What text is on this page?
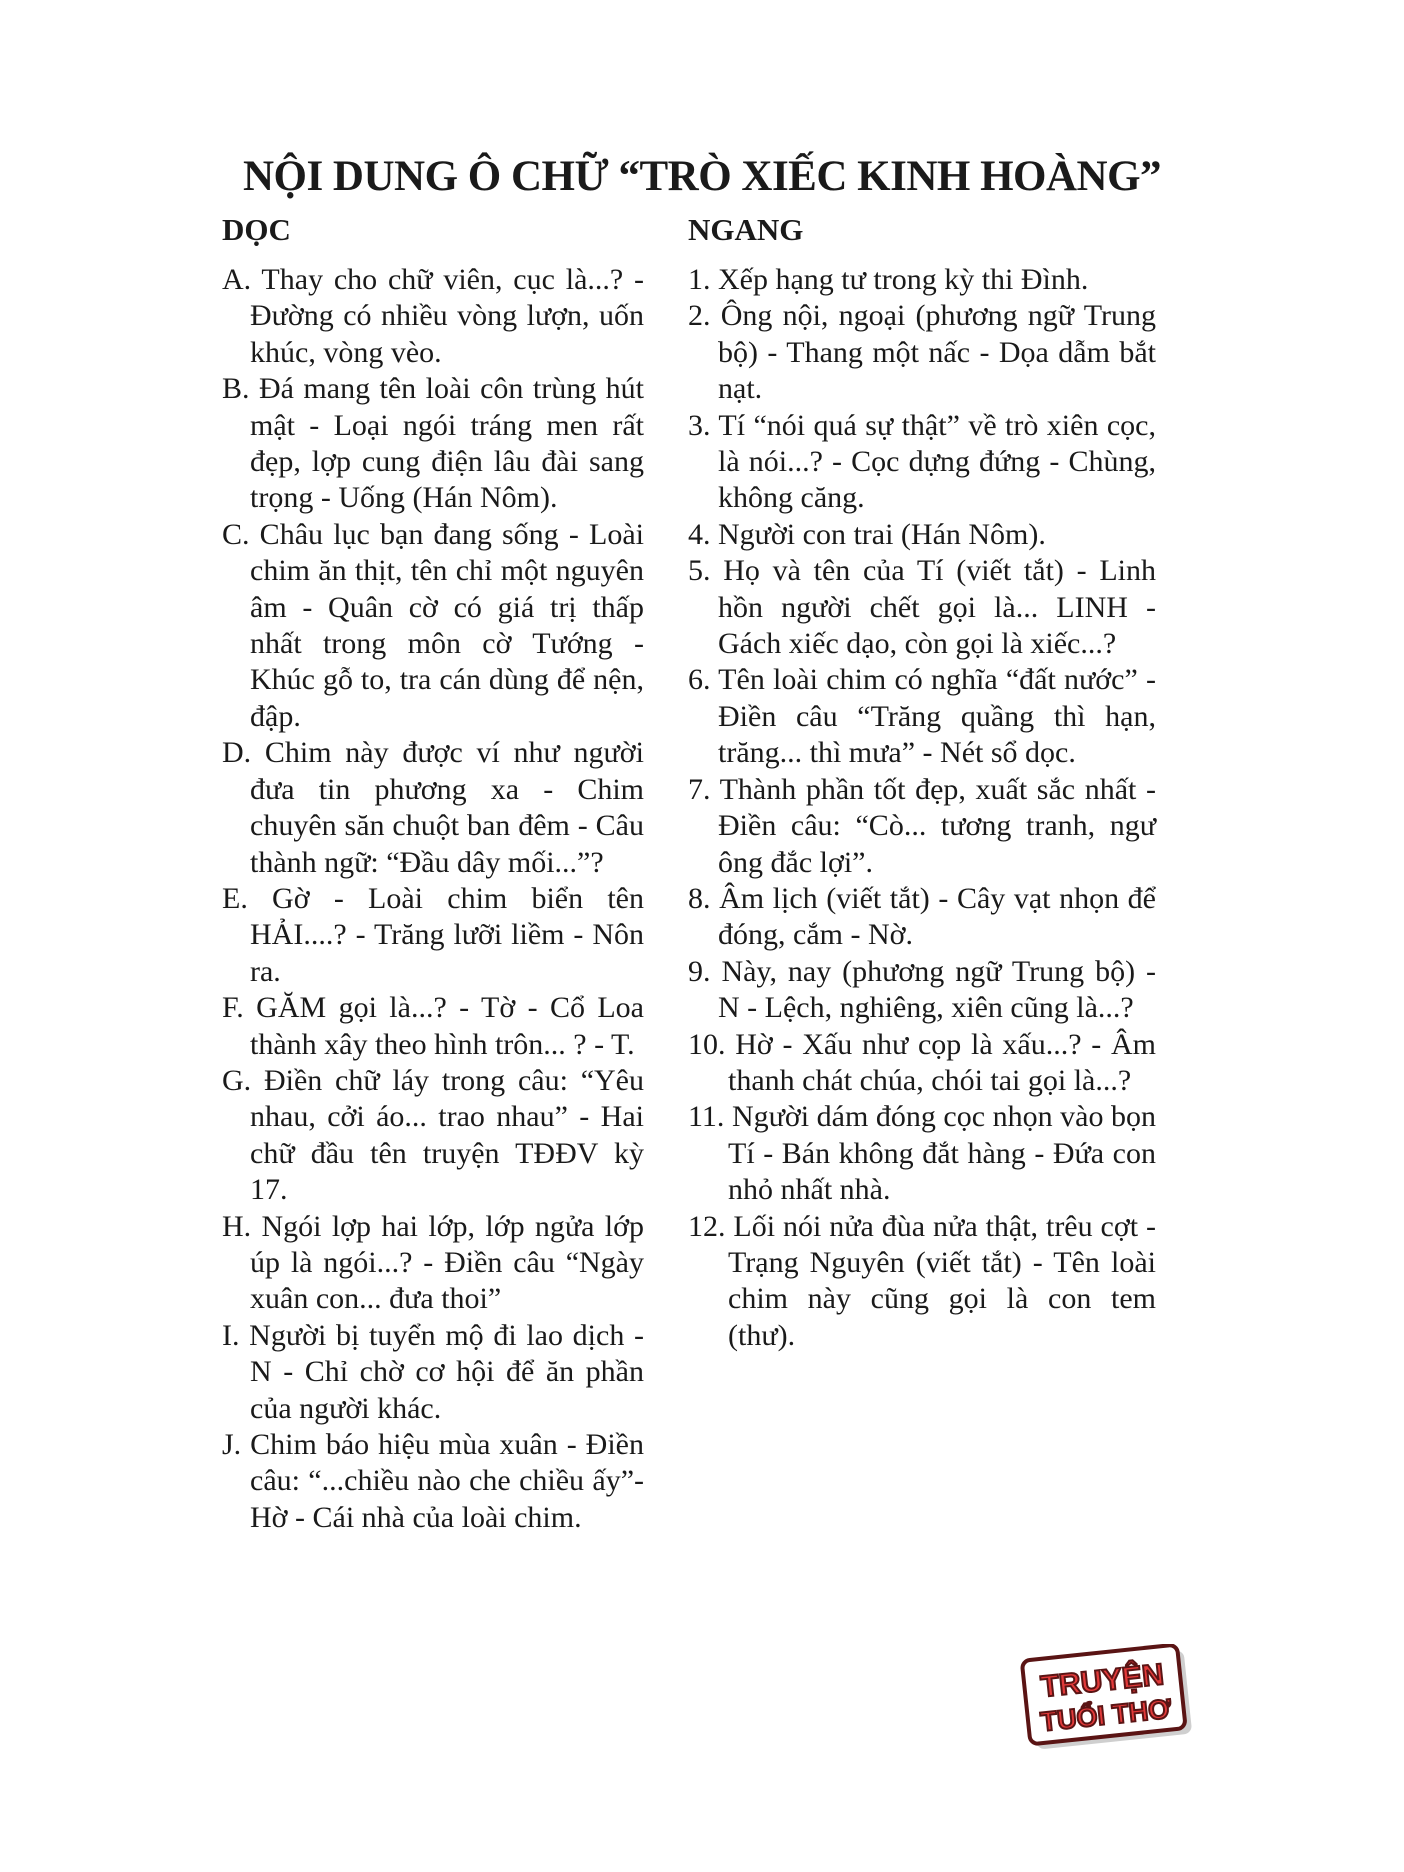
NỘI DUNG Ô CHỮ “TRÒ XIẾC KINH HOÀNG”
DỌC
A. Thay cho chữ viên, cục là...? - Đường có nhiều vòng lượn, uốn khúc, vòng vèo.
B. Đá mang tên loài côn trùng hút mật - Loại ngói tráng men rất đẹp, lợp cung điện lâu đài sang trọng - Uống (Hán Nôm).
C. Châu lục bạn đang sống - Loài chim ăn thịt, tên chỉ một nguyên âm - Quân cờ có giá trị thấp nhất trong môn cờ Tướng - Khúc gỗ to, tra cán dùng để nện, đập.
D. Chim này được ví như người đưa tin phương xa - Chim chuyên săn chuột ban đêm - Câu thành ngữ: “Đầu dây mối...”?
E. Gờ - Loài chim biển tên HẢI....? - Trăng lưỡi liềm - Nôn ra.
F. GĂM gọi là...? - Tờ - Cổ Loa thành xây theo hình trôn... ? - T.
G. Điền chữ láy trong câu: “Yêu nhau, cởi áo... trao nhau” - Hai chữ đầu tên truyện TĐĐV kỳ 17.
H. Ngói lợp hai lớp, lớp ngửa lớp úp là ngói...? - Điền câu “Ngày xuân con... đưa thoi”
I. Người bị tuyển mộ đi lao dịch - N - Chỉ chờ cơ hội để ăn phần của người khác.
J. Chim báo hiệu mùa xuân - Điền câu: “...chiều nào che chiều ấy”- Hờ - Cái nhà của loài chim.
NGANG
1. Xếp hạng tư trong kỳ thi Đình.
2. Ông nội, ngoại (phương ngữ Trung bộ) - Thang một nấc - Dọa dẫm bắt nạt.
3. Tí “nói quá sự thật” về trò xiên cọc, là nói...? - Cọc dựng đứng - Chùng, không căng.
4. Người con trai (Hán Nôm).
5. Họ và tên của Tí (viết tắt) - Linh hồn người chết gọi là... LINH - Gách xiếc dạo, còn gọi là xiếc...?
6. Tên loài chim có nghĩa “đất nước” - Điền câu “Trăng quầng thì hạn, trăng... thì mưa” - Nét sổ dọc.
7. Thành phần tốt đẹp, xuất sắc nhất - Điền câu: “Cò... tương tranh, ngư ông đắc lợi”.
8. Âm lịch (viết tắt) - Cây vạt nhọn để đóng, cắm - Nờ.
9. Này, nay (phương ngữ Trung bộ) - N - Lệch, nghiêng, xiên cũng là...?
10. Hờ - Xấu như cọp là xấu...? - Âm thanh chát chúa, chói tai gọi là...?
11. Người dám đóng cọc nhọn vào bọn Tí - Bán không đắt hàng - Đứa con nhỏ nhất nhà.
12. Lối nói nửa đùa nửa thật, trêu cợt - Trạng Nguyên (viết tắt) - Tên loài chim này cũng gọi là con tem (thư).
TRUYỆN
TUỔI THƠ
